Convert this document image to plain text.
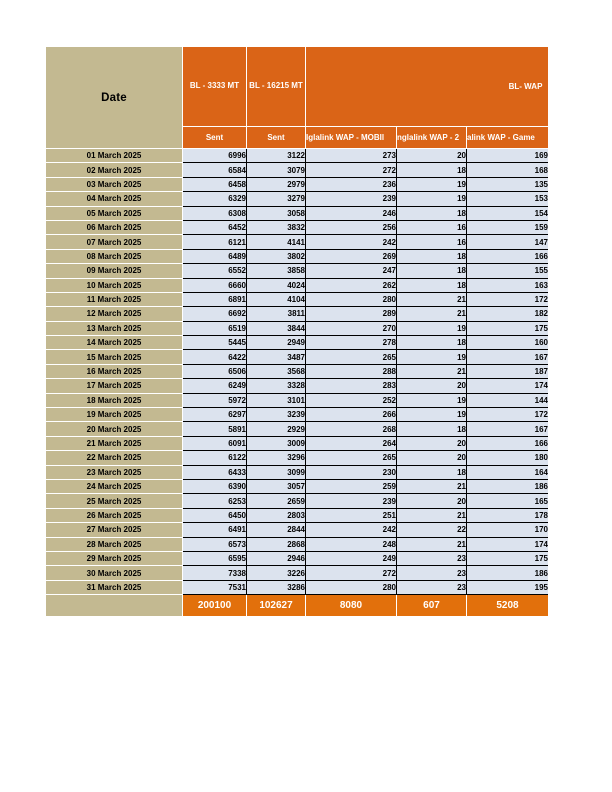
Date	BL - 3333 MT	BL - 16215 MT	BL- WAP			
	Sent	Sent	Iglalink WAP - MOBIl	nglalink WAP - 2	alink WAP - Game	
01 March 2025	6996	3122	273	20	169	
02 March 2025	6584	3079	272	18	168	
03 March 2025	6458	2979	236	19	135	
04 March 2025	6329	3279	239	19	153	
05 March 2025	6308	3058	246	18	154	
06 March 2025	6452	3832	256	16	159	
07 March 2025	6121	4141	242	16	147	
08 March 2025	6489	3802	269	18	166	
09 March 2025	6552	3858	247	18	155	
10 March 2025	6660	4024	262	18	163	
11 March 2025	6891	4104	280	21	172	
12 March 2025	6692	3811	289	21	182	
13 March 2025	6519	3844	270	19	175	
14 March 2025	5445	2949	278	18	160	
15 March 2025	6422	3487	265	19	167	
16 March 2025	6506	3568	288	21	187	
17 March 2025	6249	3328	283	20	174	
18 March 2025	5972	3101	252	19	144	
19 March 2025	6297	3239	266	19	172	
20 March 2025	5891	2929	268	18	167	
21 March 2025	6091	3009	264	20	166	
22 March 2025	6122	3296	265	20	180	
23 March 2025	6433	3099	230	18	164	
24 March 2025	6390	3057	259	21	186	
25 March 2025	6253	2659	239	20	165	
26 March 2025	6450	2803	251	21	178	
27 March 2025	6491	2844	242	22	170	
28 March 2025	6573	2868	248	21	174	
29 March 2025	6595	2946	249	23	175	
30 March 2025	7338	3226	272	23	186	
31 March 2025	7531	3286	280	23	195	
	200100	102627	8080	607	5208	
